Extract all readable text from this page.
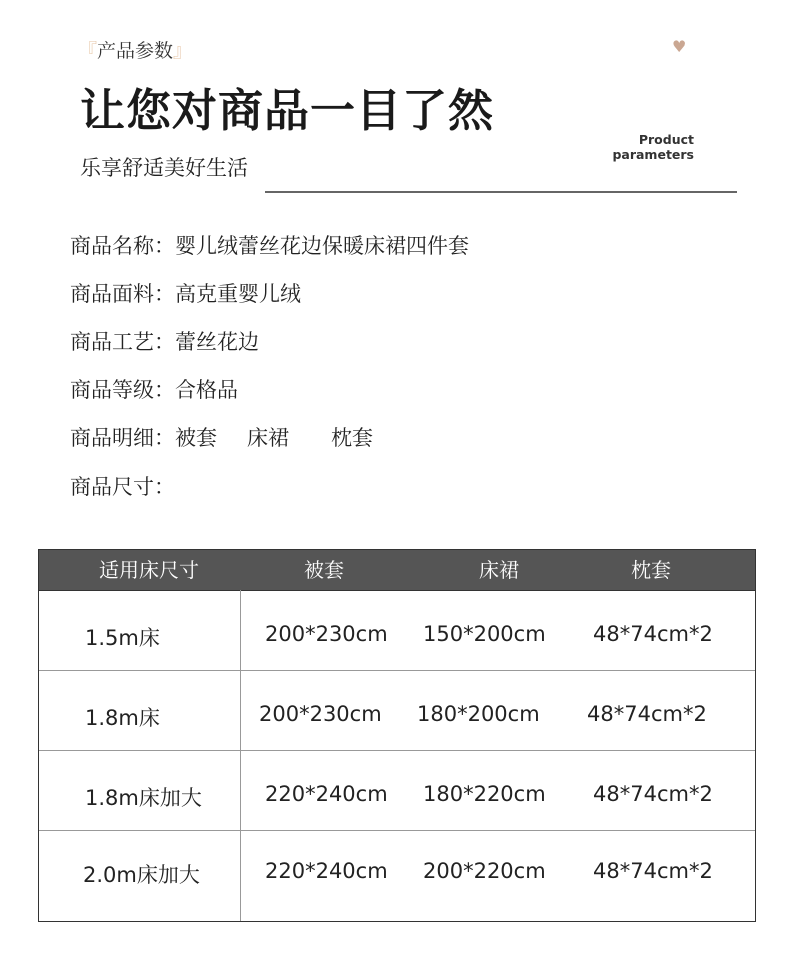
『产品参数』	♥
让您对商品一目了然
Product
parameters
乐享舒适美好生活
商品名称：婴儿绒蕾丝花边保暖床裙四件套
商品面料：高克重婴儿绒
商品工艺：蕾丝花边
商品等级：合格品
商品明细：被套 床裙 枕套
商品尺寸：
适用床尺寸	被套	床裙	枕套
1.5m床	200*230cm 150*200cm 48*74cm*2
1.8m床	200*230cm 180*200cm 48*74cm*2
1.8m床加大	220*240cm 180*220cm 48*74cm*2
2.0m床加大	220*240cm 200*220cm 48*74cm*2
